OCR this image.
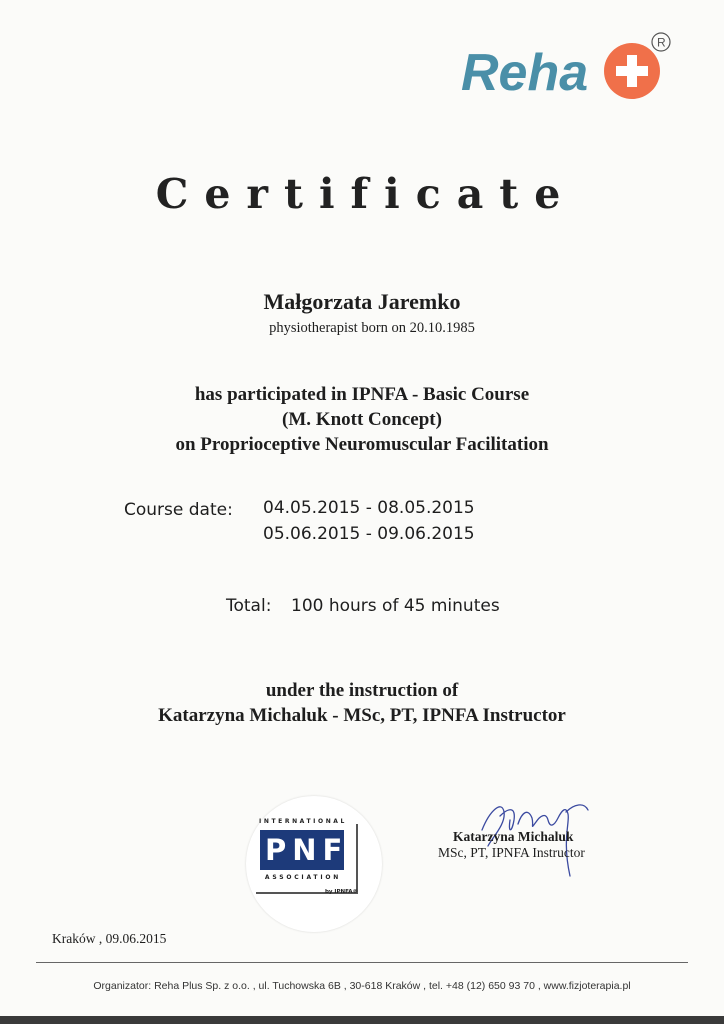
Reha
R
Certificate
Małgorzata Jaremko
physiotherapist born on 20.10.1985
has participated in IPNFA - Basic Course
(M. Knott Concept)
on Proprioceptive Neuromuscular Facilitation
Course date: 04.05.2015 - 08.05.2015
05.06.2015 - 09.06.2015
Total: 100 hours of 45 minutes
under the instruction of
Katarzyna Michaluk - MSc, PT, IPNFA Instructor
INTERNATIONAL
PNF
ASSOCIATION
by IPNFA®
Katarzyna Michaluk
MSc, PT, IPNFA Instructor
Kraków , 09.06.2015
Organizator: Reha Plus Sp. z o.o. , ul. Tuchowska 6B , 30-618 Kraków , tel. +48 (12) 650 93 70 , www.fizjoterapia.pl
